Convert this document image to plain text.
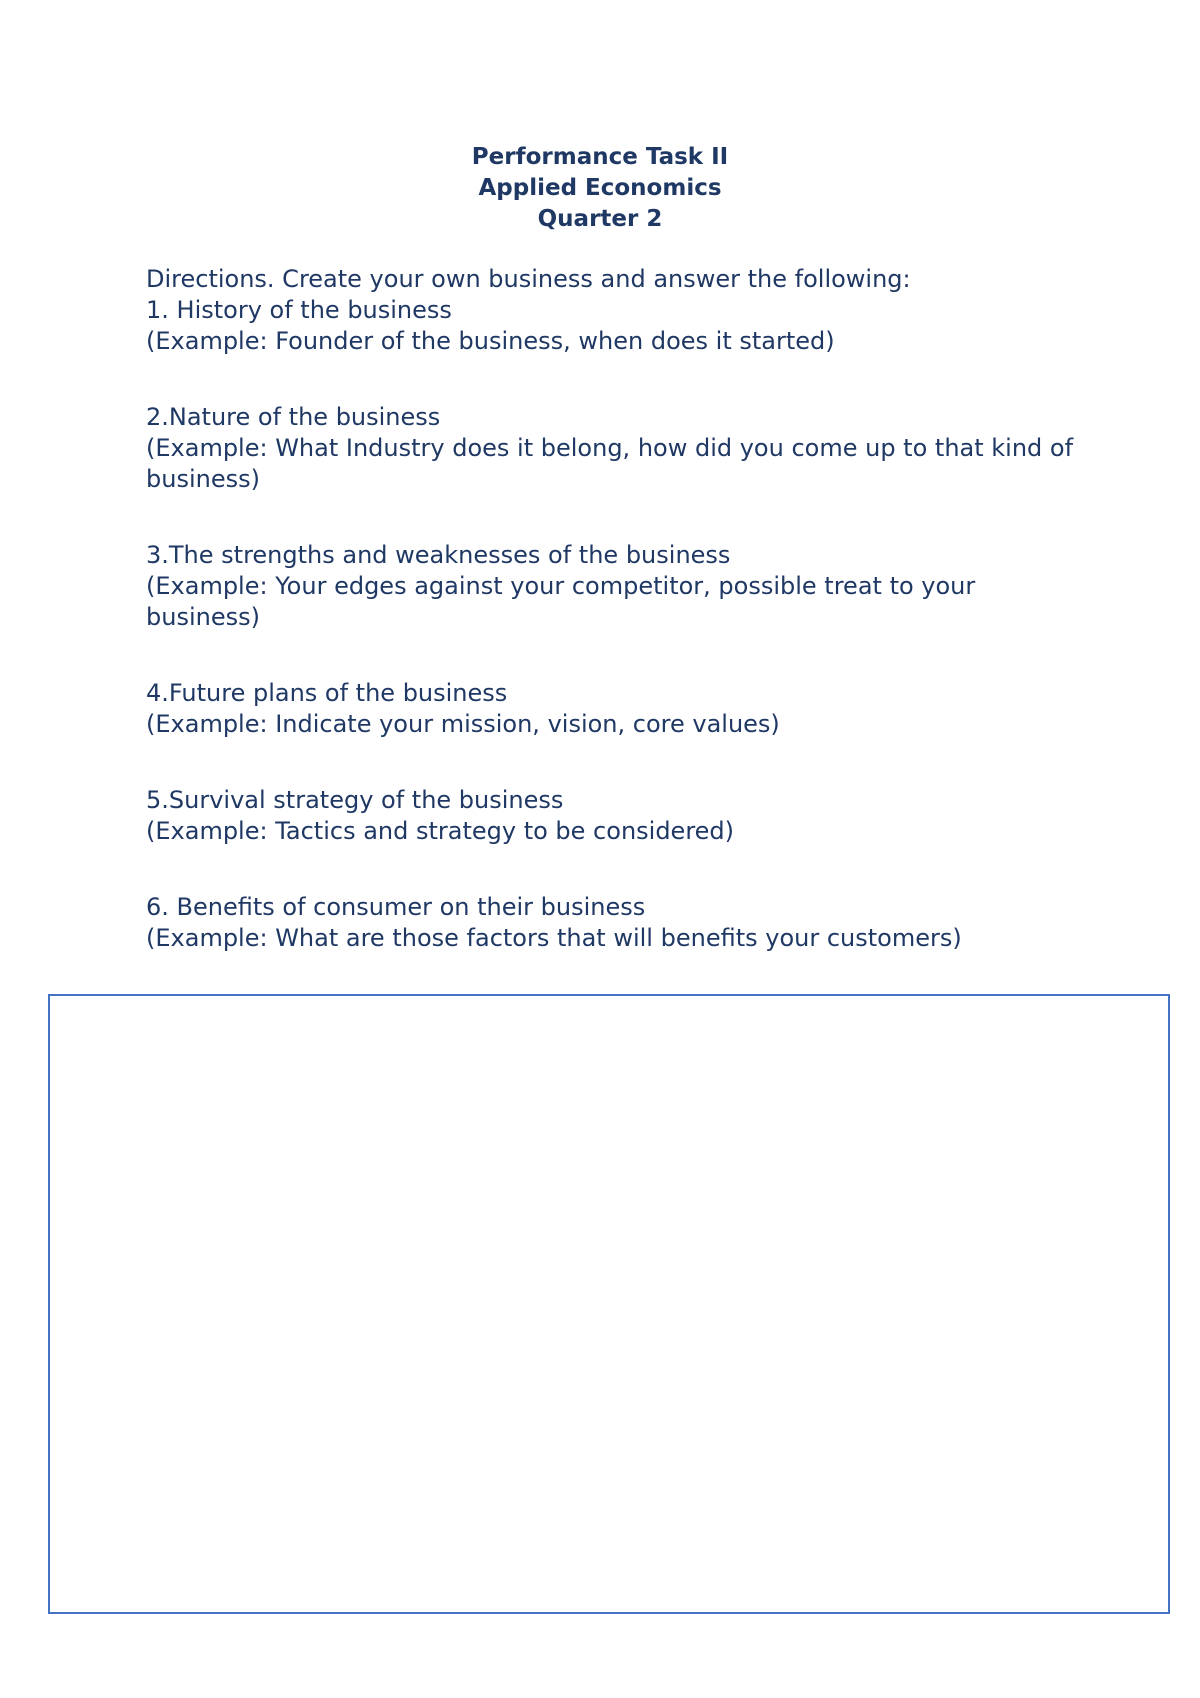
Performance Task II
Applied Economics
Quarter 2

Directions. Create your own business and answer the following:

1. History of the business

(Example: Founder of the business, when does it started)

2.Nature of the business

(Example: What Industry does it belong, how did you come up to that kind of business)

3.The strengths and weaknesses of the business

(Example: Your edges against your competitor, possible treat to your business)

4.Future plans of the business

(Example: Indicate your mission, vision, core values)

5.Survival strategy of the business

(Example: Tactics and strategy to be considered)

6. Benefits of consumer on their business

(Example: What are those factors that will benefits your customers)
